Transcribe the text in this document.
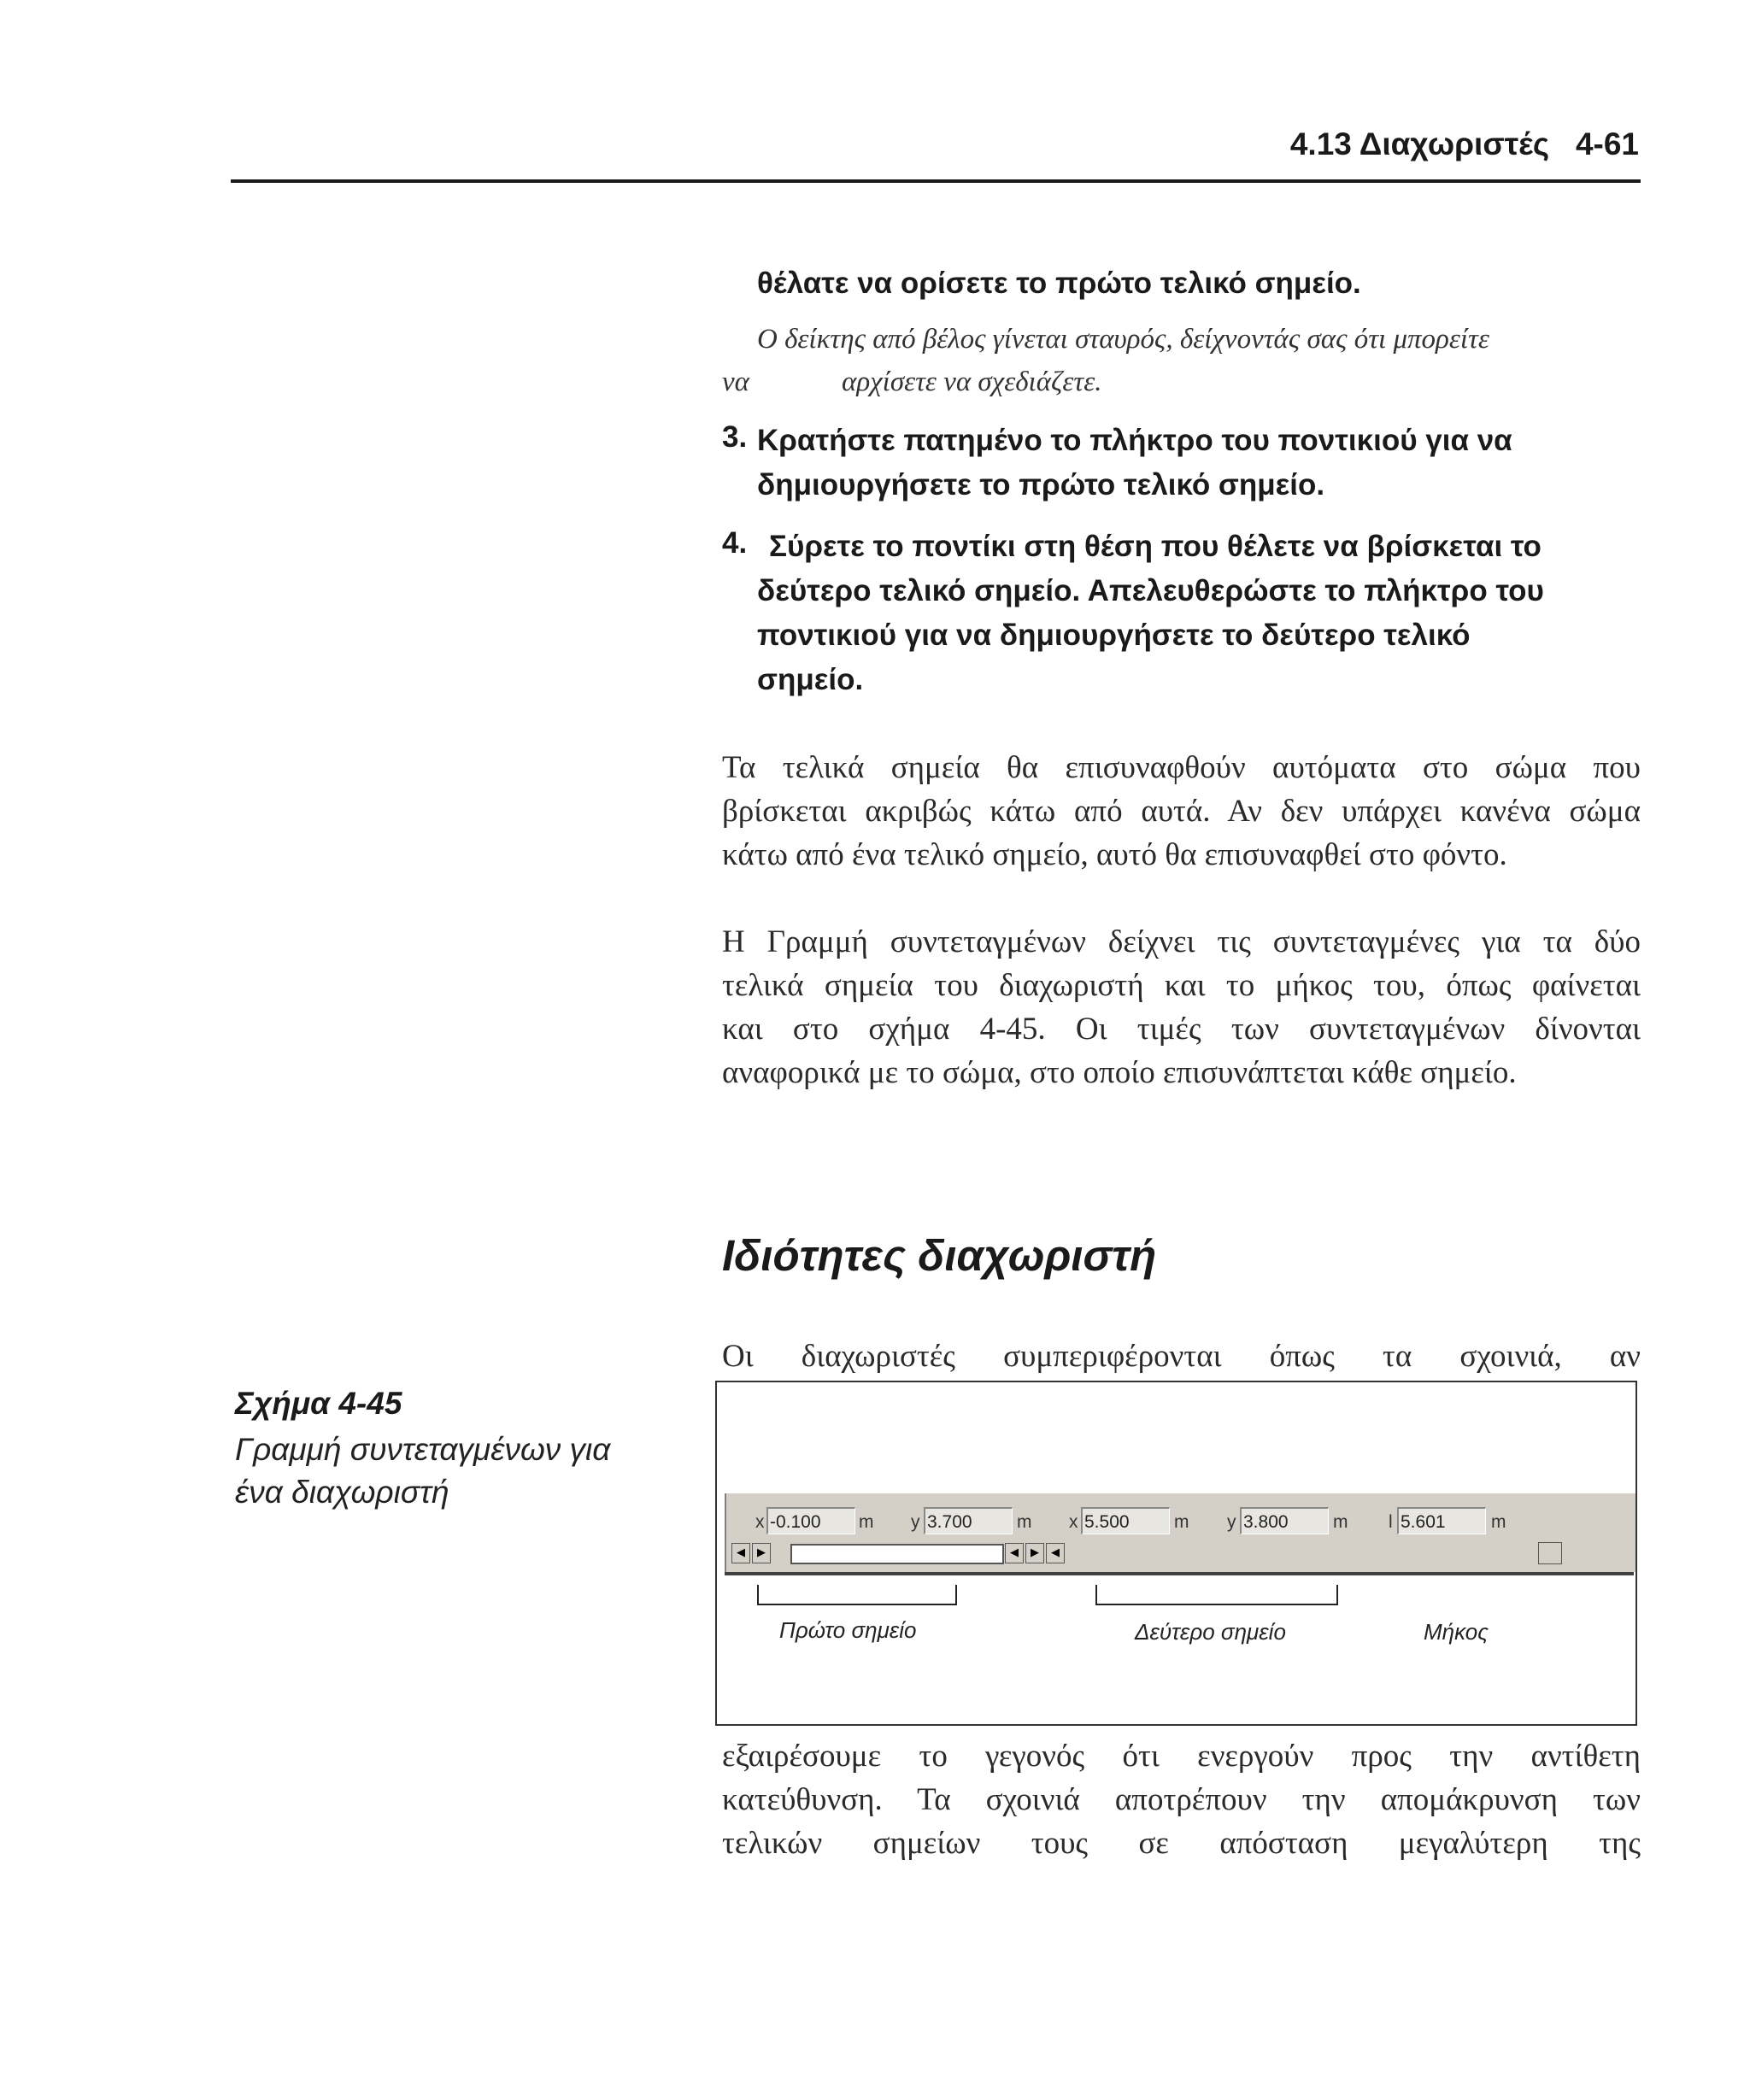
4.13 Διαχωριστές 4-61
θέλατε να ορίσετε το πρώτο τελικό σημείο.
Ο δείκτης από βέλος γίνεται σταυρός, δείχνοντάς σας ότι μπορείτε
να	αρχίσετε να σχεδιάζετε.
3. Κρατήστε πατημένο το πλήκτρο του ποντικιού για να
δημιουργήσετε το πρώτο τελικό σημείο.
4. Σύρετε το ποντίκι στη θέση που θέλετε να βρίσκεται το
δεύτερο τελικό σημείο. Απελευθερώστε το πλήκτρο του
ποντικιού για να δημιουργήσετε το δεύτερο τελικό
σημείο.
Τα τελικά σημεία θα επισυναφθούν αυτόματα στο σώμα που
βρίσκεται ακριβώς κάτω από αυτά. Αν δεν υπάρχει κανένα σώμα
κάτω από ένα τελικό σημείο, αυτό θα επισυναφθεί στο φόντο.
Η Γραμμή συντεταγμένων δείχνει τις συντεταγμένες για τα δύο
τελικά σημεία του διαχωριστή και το μήκος του, όπως φαίνεται
και στο σχήμα 4-45. Οι τιμές των συντεταγμένων δίνονται
αναφορικά με το σώμα, στο οποίο επισυνάπτεται κάθε σημείο.
Ιδιότητες διαχωριστή
Οι διαχωριστές συμπεριφέρονται όπως τα σχοινιά, αν
Σχήμα 4-45
Γραμμή συντεταγμένων για
ένα διαχωριστή
x -0.100	m y 3.700	m x 5.500	m y 3.800	m l 5.601	m
◀	▶	◀	▶	◀
Πρώτο σημείο	Δεύτερο σημείο	Μήκος
εξαιρέσουμε το γεγονός ότι ενεργούν προς την αντίθετη
κατεύθυνση. Τα σχοινιά αποτρέπουν την απομάκρυνση των
τελικών σημείων τους σε απόσταση μεγαλύτερη της
